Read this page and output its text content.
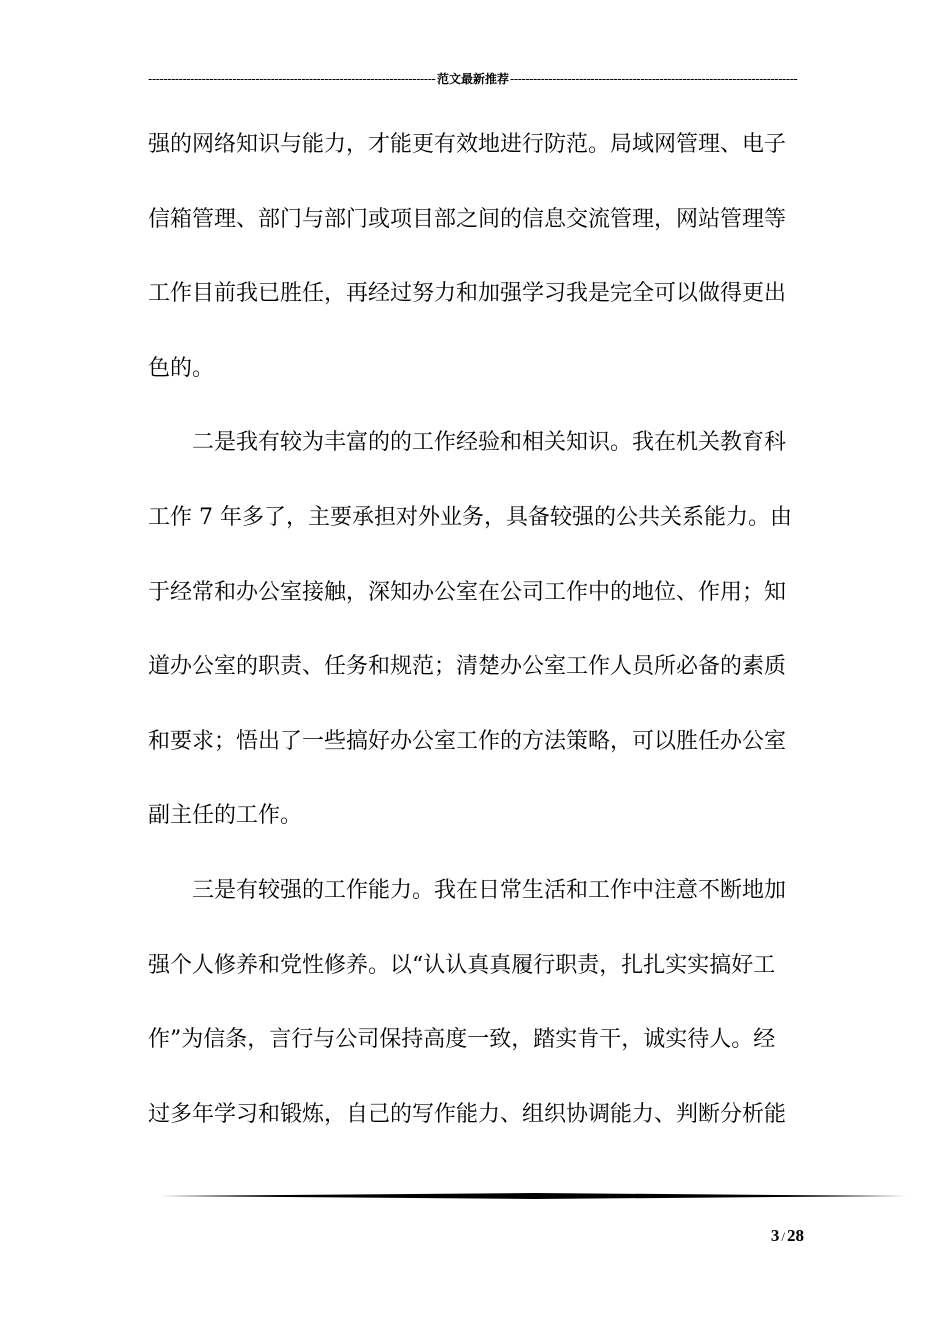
-----
范文最新推荐
-----
强的网络知识与能力，才能更有效地进行防范。局域网管理、电子
信箱管理、部门与部门或项目部之间的信息交流管理，网站管理等
工作目前我已胜任，再经过努力和加强学习我是完全可以做得更出
色的。
二是我有较为丰富的的工作经验和相关知识。我在机关教育科
工作 7 年多了，主要承担对外业务，具备较强的公共关系能力。由
于经常和办公室接触，深知办公室在公司工作中的地位、作用；知
道办公室的职责、任务和规范；清楚办公室工作人员所必备的素质
和要求；悟出了一些搞好办公室工作的方法策略，可以胜任办公室
副主任的工作。
三是有较强的工作能力。我在日常生活和工作中注意不断地加
强个人修养和党性修养。以“认认真真履行职责，扎扎实实搞好工
作”为信条，言行与公司保持高度一致，踏实肯干，诚实待人。经
过多年学习和锻炼，自己的写作能力、组织协调能力、判断分析能
3 / 28
